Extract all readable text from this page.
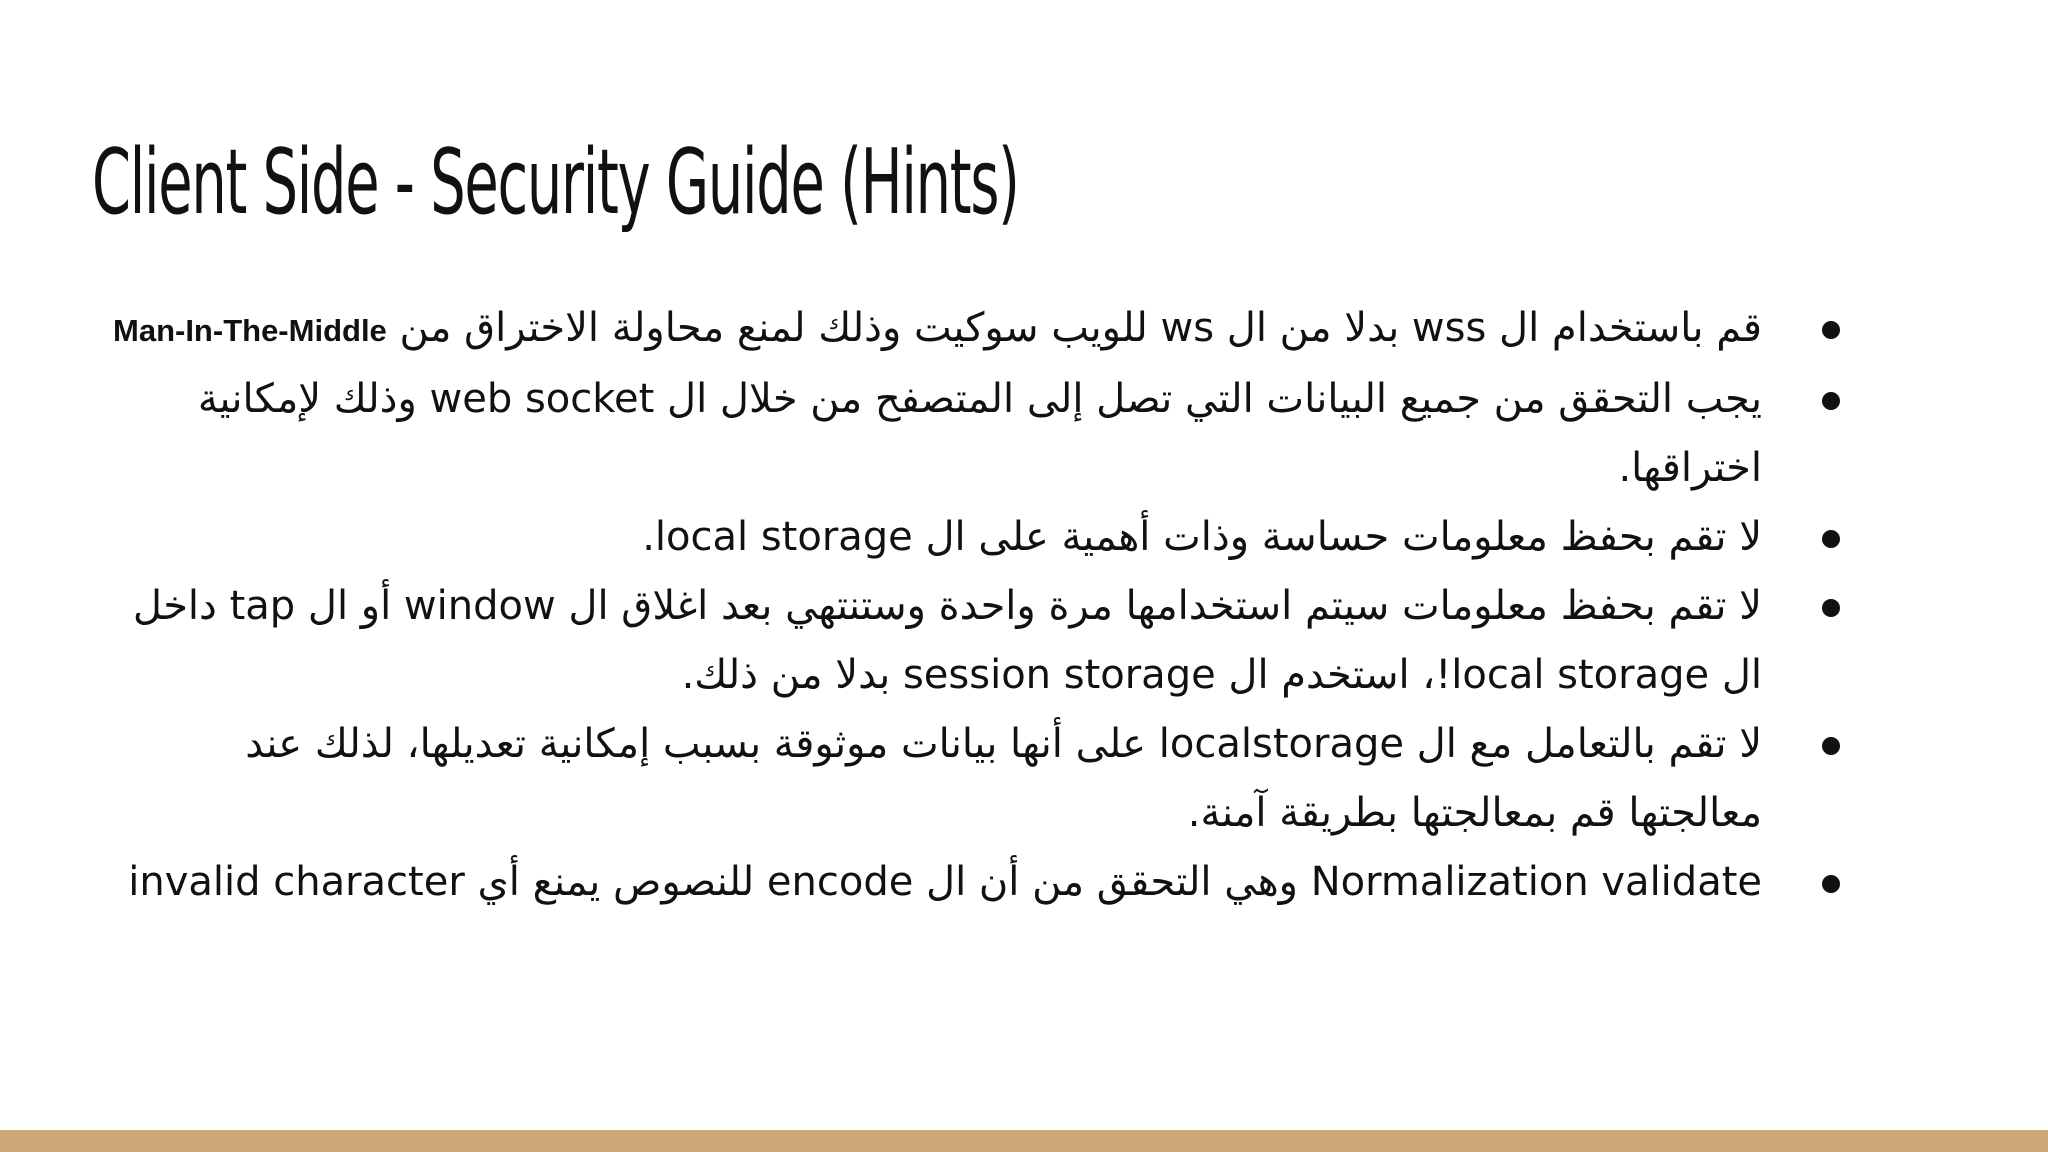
Client Side - Security Guide (Hints)
قم باستخدام ال wss بدلا من ال ws للويب سوكيت وذلك لمنع محاولة الاختراق من Man-In-The-Middle
يجب التحقق من جميع البيانات التي تصل إلى المتصفح من خلال ال web socket وذلك لإمكانية اختراقها.
لا تقم بحفظ معلومات حساسة وذات أهمية على ال local storage.
لا تقم بحفظ معلومات سيتم استخدامها مرة واحدة وستنتهي بعد اغلاق ال window أو ال tap داخل ال local storage!، استخدم ال session storage بدلا من ذلك.
لا تقم بالتعامل مع ال localstorage على أنها بيانات موثوقة بسبب إمكانية تعديلها، لذلك عند معالجتها قم بمعالجتها بطريقة آمنة.
Normalization validate وهي التحقق من أن ال encode للنصوص يمنع أي invalid character
